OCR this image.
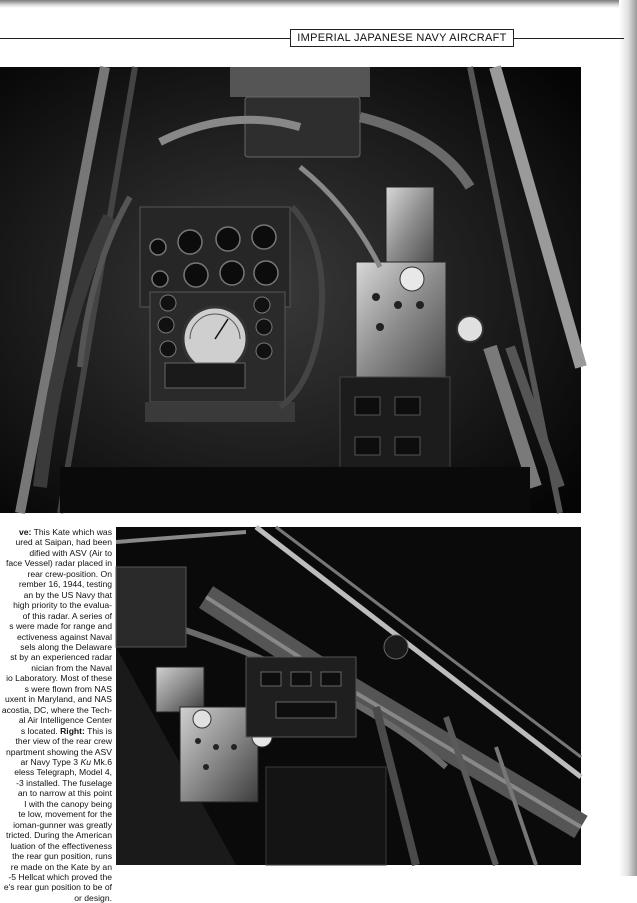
IMPERIAL JAPANESE NAVY AIRCRAFT

ve: This Kate which was

ured at Saipan, had been

dified with ASV (Air to

face Vessel) radar placed in

rear crew-position. On

rember 16, 1944, testing

an by the US Navy that

high priority to the evalua-

of this radar. A series of

s were made for range and

ectiveness against Naval

sels along the Delaware

st by an experienced radar

nician from the Naval

io Laboratory. Most of these

s were flown from NAS

uxent in Maryland, and NAS

acostia, DC, where the Tech-

al Air Intelligence Center

s located. Right: This is

ther view of the rear crew

npartment showing the ASV

ar Navy Type 3 Ku Mk.6

eless Telegraph, Model 4,

-3 installed. The fuselage

an to narrow at this point

I with the canopy being

te low, movement for the

ioman-gunner was greatly

tricted. During the American

luation of the effectiveness

the rear gun position, runs

re made on the Kate by an

-5 Hellcat which proved the

e's rear gun position to be of

or design.
